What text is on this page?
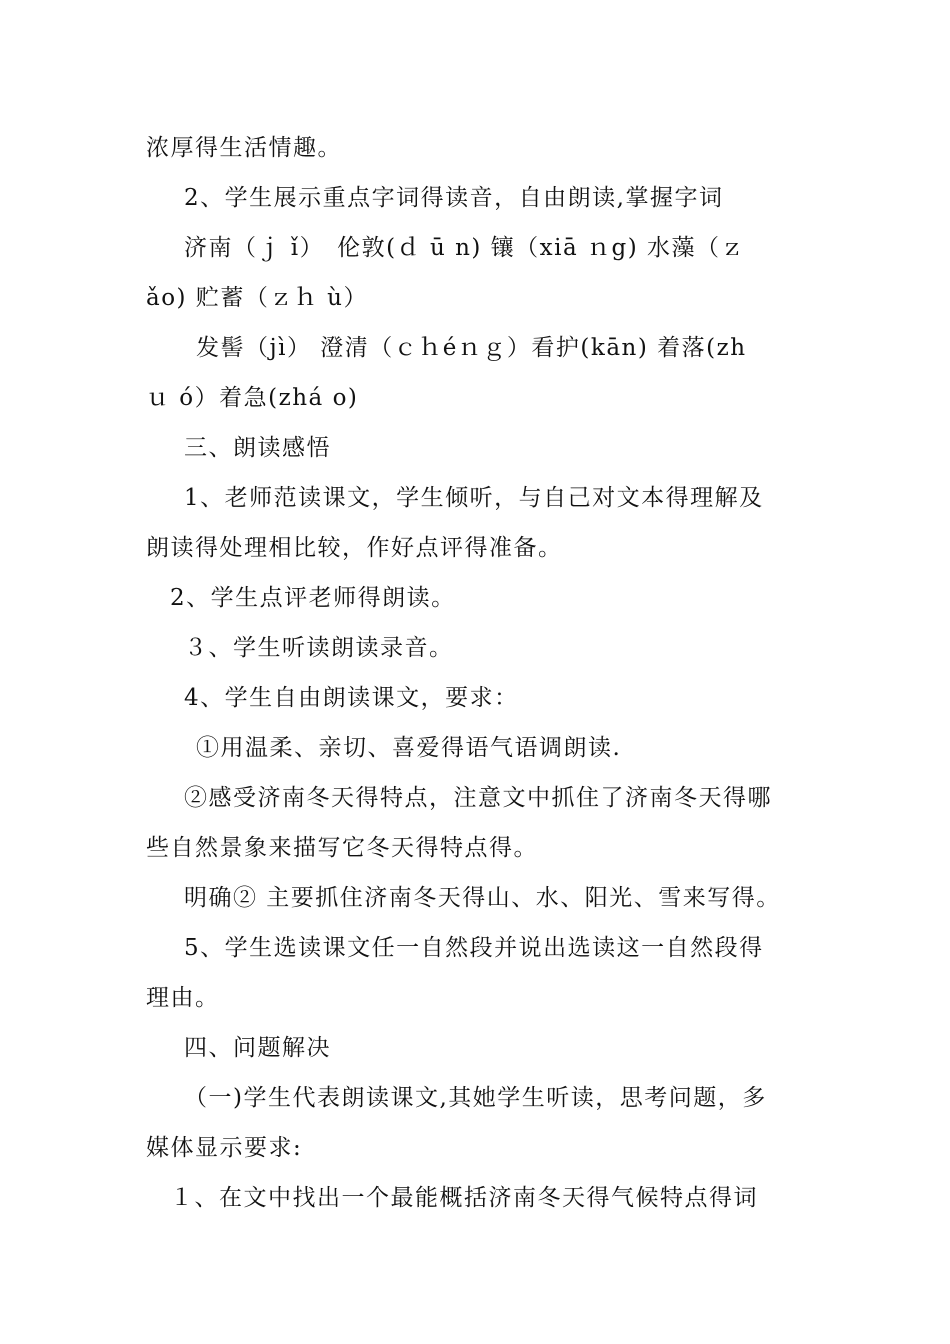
浓厚得生活情趣。
2、学生展示重点字词得读音，自由朗读,掌握字词
济南（ｊ ǐ）　伦敦(ｄ ū n) 镶（xiā ｎg) 水藻（ｚ
ǎo) 贮蓄（ｚｈ ù）
发髻（jì） 澄清（ｃｈéｎｇ）看护(kān) 着落(zh
ｕ ó）着急(zhá o)
三、朗读感悟
1、老师范读课文，学生倾听，与自己对文本得理解及
朗读得处理相比较，作好点评得准备。
2、学生点评老师得朗读。
３、学生听读朗读录音。
4、学生自由朗读课文，要求：
①用温柔、亲切、喜爱得语气语调朗读.
②感受济南冬天得特点，注意文中抓住了济南冬天得哪
些自然景象来描写它冬天得特点得。
明确② 主要抓住济南冬天得山、水、阳光、雪来写得。
5、学生选读课文任一自然段并说出选读这一自然段得
理由。
四、问题解决
（一)学生代表朗读课文,其她学生听读，思考问题，多
媒体显示要求:
１、在文中找出一个最能概括济南冬天得气候特点得词
